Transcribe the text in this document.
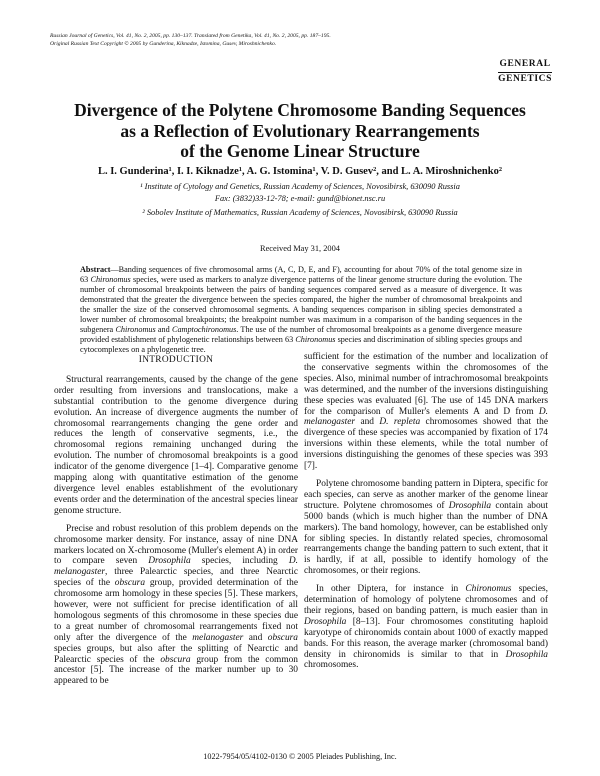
Russian Journal of Genetics, Vol. 41, No. 2, 2005, pp. 130–137. Translated from Genetika, Vol. 41, No. 2, 2005, pp. 187–195.
Original Russian Text Copyright © 2005 by Gunderina, Kiknadze, Istomina, Gusev, Miroshnichenko.
GENERAL
GENETICS
Divergence of the Polytene Chromosome Banding Sequences
as a Reflection of Evolutionary Rearrangements
of the Genome Linear Structure
L. I. Gunderina¹, I. I. Kiknadze¹, A. G. Istomina¹, V. D. Gusev², and L. A. Miroshnichenko²
¹ Institute of Cytology and Genetics, Russian Academy of Sciences, Novosibirsk, 630090 Russia
Fax: (3832)33-12-78; e-mail: gund@bionet.nsc.ru
² Sobolev Institute of Mathematics, Russian Academy of Sciences, Novosibirsk, 630090 Russia
Received May 31, 2004
Abstract—Banding sequences of five chromosomal arms (A, C, D, E, and F), accounting for about 70% of the total genome size in 63 Chironomus species, were used as markers to analyze divergence patterns of the linear genome structure during the evolution. The number of chromosomal breakpoints between the pairs of banding sequences compared served as a measure of divergence. It was demonstrated that the greater the divergence between the species compared, the higher the number of chromosomal breakpoints and the smaller the size of the conserved chromosomal segments. A banding sequences comparison in sibling species demonstrated a lower number of chromosomal breakpoints; the breakpoint number was maximum in a comparison of the banding sequences in the subgenera Chironomus and Camptochironomus. The use of the number of chromosomal breakpoints as a genome divergence measure provided establishment of phylogenetic relationships between 63 Chironomus species and discrimination of sibling species groups and cytocomplexes on a phylogenetic tree.
INTRODUCTION

Structural rearrangements, caused by the change of the gene order resulting from inversions and translocations, make a substantial contribution to the genome divergence during evolution. An increase of divergence augments the number of chromosomal rearrangements changing the gene order and reduces the length of conservative segments, i.e., the chromosomal regions remaining unchanged during the evolution. The number of chromosomal breakpoints is a good indicator of the genome divergence [1–4]. Comparative genome mapping along with quantitative estimation of the genome divergence level enables establishment of the evolutionary events order and the determination of the ancestral species linear genome structure.

Precise and robust resolution of this problem depends on the chromosome marker density. For instance, assay of nine DNA markers located on X-chromosome (Muller's element A) in order to compare seven Drosophila species, including D. melanogaster, three Palearctic species, and three Nearctic species of the obscura group, provided determination of the chromosome arm homology in these species [5]. These markers, however, were not sufficient for precise identification of all homologous segments of this chromosome in these species due to a great number of chromosomal rearrangements fixed not only after the divergence of the melanogaster and obscura species groups, but also after the splitting of Nearctic and Palearctic species of the obscura group from the common ancestor [5]. The increase of the marker number up to 30 appeared to be

sufficient for the estimation of the number and localization of the conservative segments within the chromosomes of the species. Also, minimal number of intrachromosomal breakpoints was determined, and the number of the inversions distinguishing these species was evaluated [6]. The use of 145 DNA markers for the comparison of Muller's elements A and D from D. melanogaster and D. repleta chromosomes showed that the divergence of these species was accompanied by fixation of 174 inversions within these elements, while the total number of inversions distinguishing the genomes of these species was 393 [7].

Polytene chromosome banding pattern in Diptera, specific for each species, can serve as another marker of the genome linear structure. Polytene chromosomes of Drosophila contain about 5000 bands (which is much higher than the number of DNA markers). The band homology, however, can be established only for sibling species. In distantly related species, chromosomal rearrangements change the banding pattern to such extent, that it is hardly, if at all, possible to identify homology of the chromosomes, or their regions.

In other Diptera, for instance in Chironomus species, determination of homology of polytene chromosomes and of their regions, based on banding pattern, is much easier than in Drosophila [8–13]. Four chromosomes constituting haploid karyotype of chironomids contain about 1000 of exactly mapped bands. For this reason, the average marker (chromosomal band) density in chironomids is similar to that in Drosophila chromosomes.

1022-7954/05/4102-0130 © 2005 Pleiades Publishing, Inc.
